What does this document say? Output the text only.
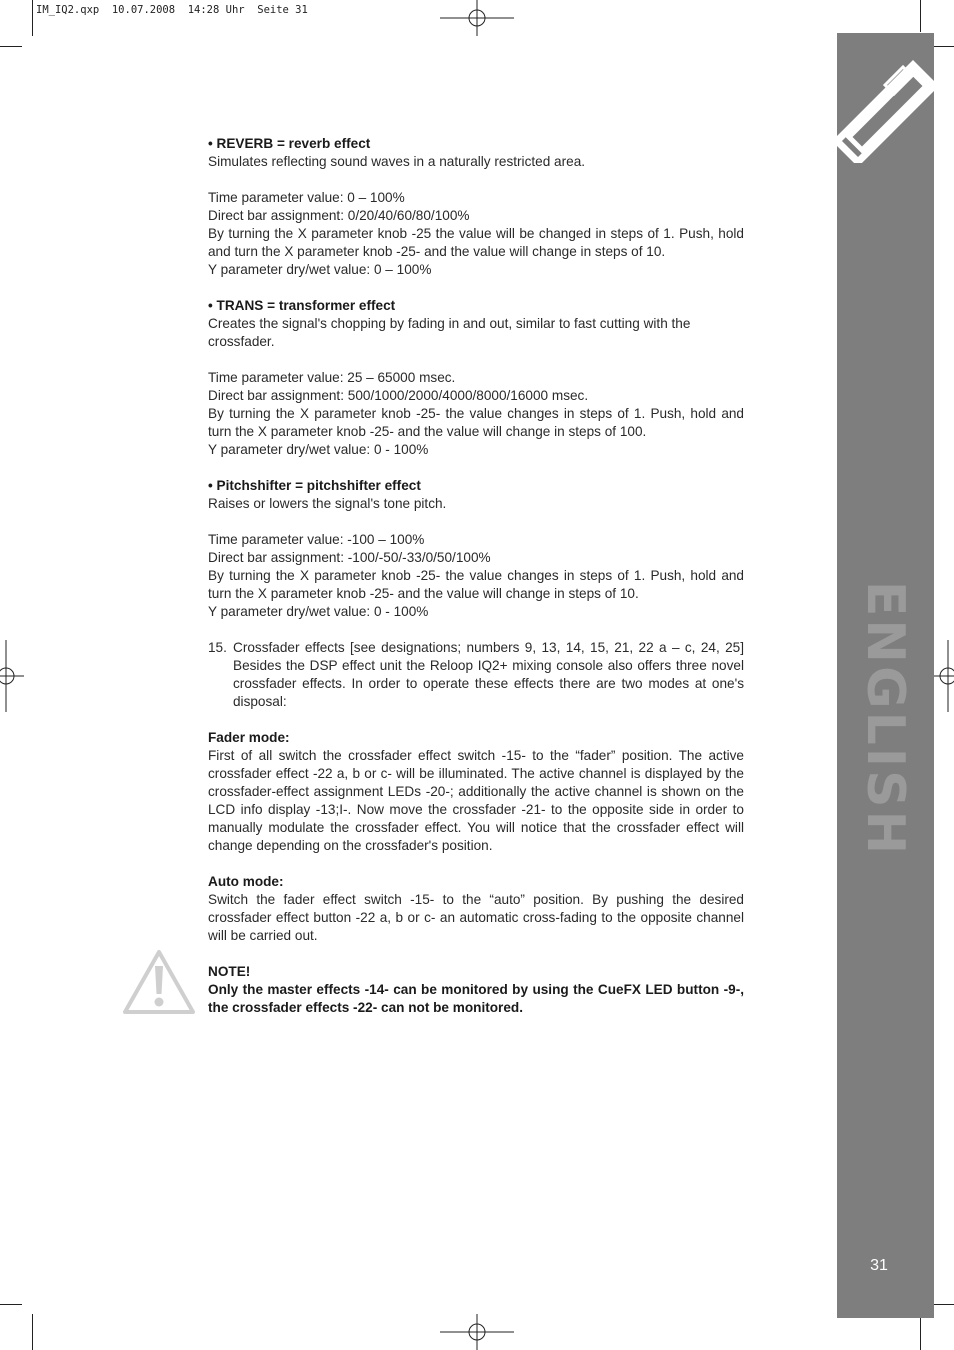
IM_IQ2.qxp  10.07.2008  14:28 Uhr  Seite 31
ENGLISH
31

• REVERB = reverb effect

Simulates reflecting sound waves in a naturally restricted area.

Time parameter value: 0 – 100%

Direct bar assignment: 0/20/40/60/80/100%

By turning the X parameter knob -25 the value will be changed in steps of 1. Push, hold and turn the X parameter knob -25- and the value will change in steps of 10.

Y parameter dry/wet value: 0 – 100%

• TRANS = transformer effect

Creates the signal's chopping by fading in and out, similar to fast cutting with the crossfader.

Time parameter value: 25 – 65000 msec.

Direct bar assignment: 500/1000/2000/4000/8000/16000 msec.

By turning the X parameter knob -25- the value changes in steps of 1. Push, hold and turn the X parameter knob -25- and the value will change in steps of 100.

Y parameter dry/wet value: 0 - 100%

• Pitchshifter = pitchshifter effect

Raises or lowers the signal's tone pitch.

Time parameter value: -100 – 100%

Direct bar assignment: -100/-50/-33/0/50/100%

By turning the X parameter knob -25- the value changes in steps of 1. Push, hold and turn the X parameter knob -25- and the value will change in steps of 10.

Y parameter dry/wet value: 0 - 100%

15. Crossfader effects [see designations; numbers 9, 13, 14, 15, 21, 22 a – c, 24, 25] Besides the DSP effect unit the Reloop IQ2+ mixing console also offers three novel crossfader effects. In order to operate these effects there are two modes at one's disposal:

Fader mode:

First of all switch the crossfader effect switch -15- to the “fader” position. The active crossfader effect -22 a, b or c- will be illuminated. The active channel is displayed by the crossfader-effect assignment LEDs -20-; additionally the active channel is shown on the LCD info display -13;I-. Now move the crossfader -21- to the opposite side in order to manually modulate the crossfader effect. You will notice that the crossfader effect will change depending on the crossfader's position.

Auto mode:

Switch the fader effect switch -15- to the “auto” position. By pushing the desired crossfader effect button -22 a, b or c- an automatic cross-fading to the opposite channel will be carried out.

NOTE!

Only the master effects -14- can be monitored by using the CueFX LED button -9-, the crossfader effects -22- can not be monitored.
